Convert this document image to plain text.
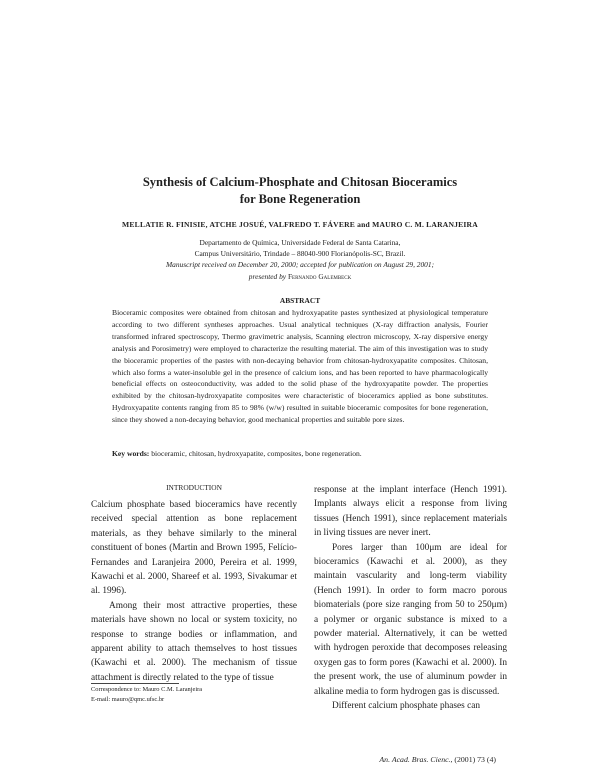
Synthesis of Calcium-Phosphate and Chitosan Bioceramics
for Bone Regeneration
MELLATIE R. FINISIE, ATCHE JOSUÉ, VALFREDO T. FÁVERE and MAURO C. M. LARANJEIRA
Departamento de Química, Universidade Federal de Santa Catarina,
Campus Universitário, Trindade – 88040-900 Florianópolis-SC, Brazil.
Manuscript received on December 20, 2000; accepted for publication on August 29, 2001;
presented by Fernando Galembeck
ABSTRACT
Bioceramic composites were obtained from chitosan and hydroxyapatite pastes synthesized at physiological temperature according to two different syntheses approaches. Usual analytical techniques (X-ray diffraction analysis, Fourier transformed infrared spectroscopy, Thermo gravimetric analysis, Scanning electron microscopy, X-ray dispersive energy analysis and Porosimetry) were employed to characterize the resulting material. The aim of this investigation was to study the bioceramic properties of the pastes with non-decaying behavior from chitosan-hydroxyapatite composites. Chitosan, which also forms a water-insoluble gel in the presence of calcium ions, and has been reported to have pharmacologically beneficial effects on osteoconductivity, was added to the solid phase of the hydroxyapatite powder. The properties exhibited by the chitosan-hydroxyapatite composites were characteristic of bioceramics applied as bone substitutes. Hydroxyapatite contents ranging from 85 to 98% (w/w) resulted in suitable bioceramic composites for bone regeneration, since they showed a non-decaying behavior, good mechanical properties and suitable pore sizes.
Key words: bioceramic, chitosan, hydroxyapatite, composites, bone regeneration.
INTRODUCTION

Calcium phosphate based bioceramics have recently received special attention as bone replacement materials, as they behave similarly to the mineral constituent of bones (Martin and Brown 1995, Felício-Fernandes and Laranjeira 2000, Pereira et al. 1999, Kawachi et al. 2000, Shareef et al. 1993, Sivakumar et al. 1996).

Among their most attractive properties, these materials have shown no local or system toxicity, no response to strange bodies or inflammation, and apparent ability to attach themselves to host tissues (Kawachi et al. 2000). The mechanism of tissue attachment is directly related to the type of tissue

response at the implant interface (Hench 1991). Implants always elicit a response from living tissues (Hench 1991), since replacement materials in living tissues are never inert.

Pores larger than 100μm are ideal for bioceramics (Kawachi et al. 2000), as they maintain vascularity and long-term viability (Hench 1991). In order to form macro porous biomaterials (pore size ranging from 50 to 250μm) a polymer or organic substance is mixed to a powder material. Alternatively, it can be wetted with hydrogen peroxide that decomposes releasing oxygen gas to form pores (Kawachi et al. 2000). In the present work, the use of aluminum powder in alkaline media to form hydrogen gas is discussed.

Different calcium phosphate phases can

Correspondence to: Mauro C.M. Laranjeira
E-mail: mauro@qmc.ufsc.br
An. Acad. Bras. Cienc., (2001) 73 (4)
